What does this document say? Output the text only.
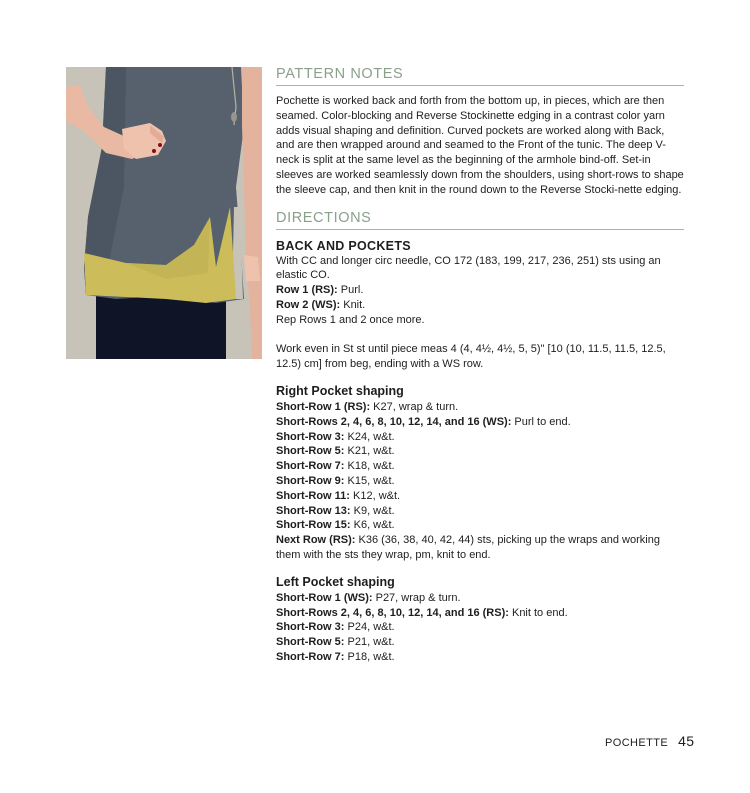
PATTERN NOTES

Pochette is worked back and forth from the bottom up, in pieces, which are then seamed. Color-blocking and Reverse Stockinette edging in a contrast color yarn adds visual shaping and definition. Curved pockets are worked along with Back, and are then wrapped around and seamed to the Front of the tunic. The deep V-neck is split at the same level as the beginning of the armhole bind-off. Set-in sleeves are worked seamlessly down from the shoulders, using short-rows to shape the sleeve cap, and then knit in the round down to the Reverse Stocki-nette edging.

DIRECTIONS
BACK AND POCKETS

With CC and longer circ needle, CO 172 (183, 199, 217, 236, 251) sts using an elastic CO.

Row 1 (RS): Purl.

Row 2 (WS): Knit.

Rep Rows 1 and 2 once more.

Work even in St st until piece meas 4 (4, 4½, 4½, 5, 5)" [10 (10, 11.5, 11.5, 12.5, 12.5) cm] from beg, ending with a WS row.

Right Pocket shaping

Short-Row 1 (RS): K27, wrap & turn.

Short-Rows 2, 4, 6, 8, 10, 12, 14, and 16 (WS): Purl to end.

Short-Row 3: K24, w&t.

Short-Row 5: K21, w&t.

Short-Row 7: K18, w&t.

Short-Row 9: K15, w&t.

Short-Row 11: K12, w&t.

Short-Row 13: K9, w&t.

Short-Row 15: K6, w&t.

Next Row (RS): K36 (36, 38, 40, 42, 44) sts, picking up the wraps and working them with the sts they wrap, pm, knit to end.

Left Pocket shaping

Short-Row 1 (WS): P27, wrap & turn.

Short-Rows 2, 4, 6, 8, 10, 12, 14, and 16 (RS): Knit to end.

Short-Row 3: P24, w&t.

Short-Row 5: P21, w&t.

Short-Row 7: P18, w&t.

POCHETTE 45
